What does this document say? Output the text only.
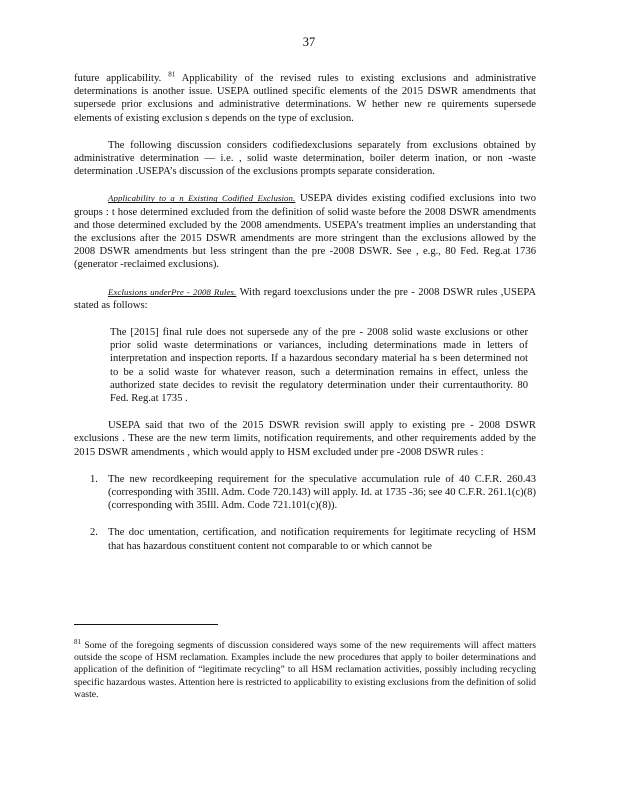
37

future applicability. $^{81}$ Applicability of the revised rules to existing exclusions and administrative determinations is another issue. USEPA outlined specific elements of the 2015 DSWR amendments that supersede prior exclusions and administrative determinations. W hether new re quirements supersede elements of existing exclusion s depends on the type of exclusion.

The following discussion considers codifiedexclusions separately from exclusions obtained by administrative determination — i.e. , solid waste determination, boiler determ ination, or non -waste determination .USEPA’s discussion of the exclusions prompts separate consideration.

Applicability to a n Existing Codified Exclusion. USEPA divides existing codified exclusions into two groups : t hose determined excluded from the definition of solid waste before the 2008 DSWR amendments and those determined excluded by the 2008 amendments. USEPA’s treatment implies an understanding that the exclusions after the 2015 DSWR amendments are more stringent than the exclusions allowed by the 2008 DSWR amendments but less stringent than the pre -2008 DSWR. See , e.g., 80 Fed. Reg.at 1736 (generator -reclaimed exclusions).

Exclusions underPre - 2008 Rules. With regard toexclusions under the pre - 2008 DSWR rules ,USEPA stated as follows:

The [2015] final rule does not supersede any of the pre - 2008 solid waste exclusions or other prior solid waste determinations or variances, including determinations made in letters of interpretation and inspection reports. If a hazardous secondary material ha s been determined not to be a solid waste for whatever reason, such a determination remains in effect, unless the authorized state decides to revisit the regulatory determination under their currentauthority. 80 Fed. Reg.at 1735 .

USEPA said that two of the 2015 DSWR revision swill apply to existing pre - 2008 DSWR exclusions . These are the new term limits, notification requirements, and other requirements added by the 2015 DSWR amendments , which would apply to HSM excluded under pre -2008 DSWR rules :

1. The new recordkeeping requirement for the speculative accumulation rule of 40 C.F.R. 260.43 (corresponding with 35Ill. Adm. Code 720.143) will apply. Id. at 1735 -36; see 40 C.F.R. 261.1(c)(8) (corresponding with 35Ill. Adm. Code 721.101(c)(8)).
2. The doc umentation, certification, and notification requirements for legitimate recycling of HSM that has hazardous constituent content not comparable to or which cannot be
$^{81}$ Some of the foregoing segments of discussion considered ways some of the new requirements will affect matters outside the scope of HSM reclamation. Examples include the new procedures that apply to boiler determinations and application of the definition of “legitimate recycling” to all HSM reclamation activities, possibly including recycling specific hazardous wastes. Attention here is restricted to applicability to existing exclusions from the definition of solid waste.
